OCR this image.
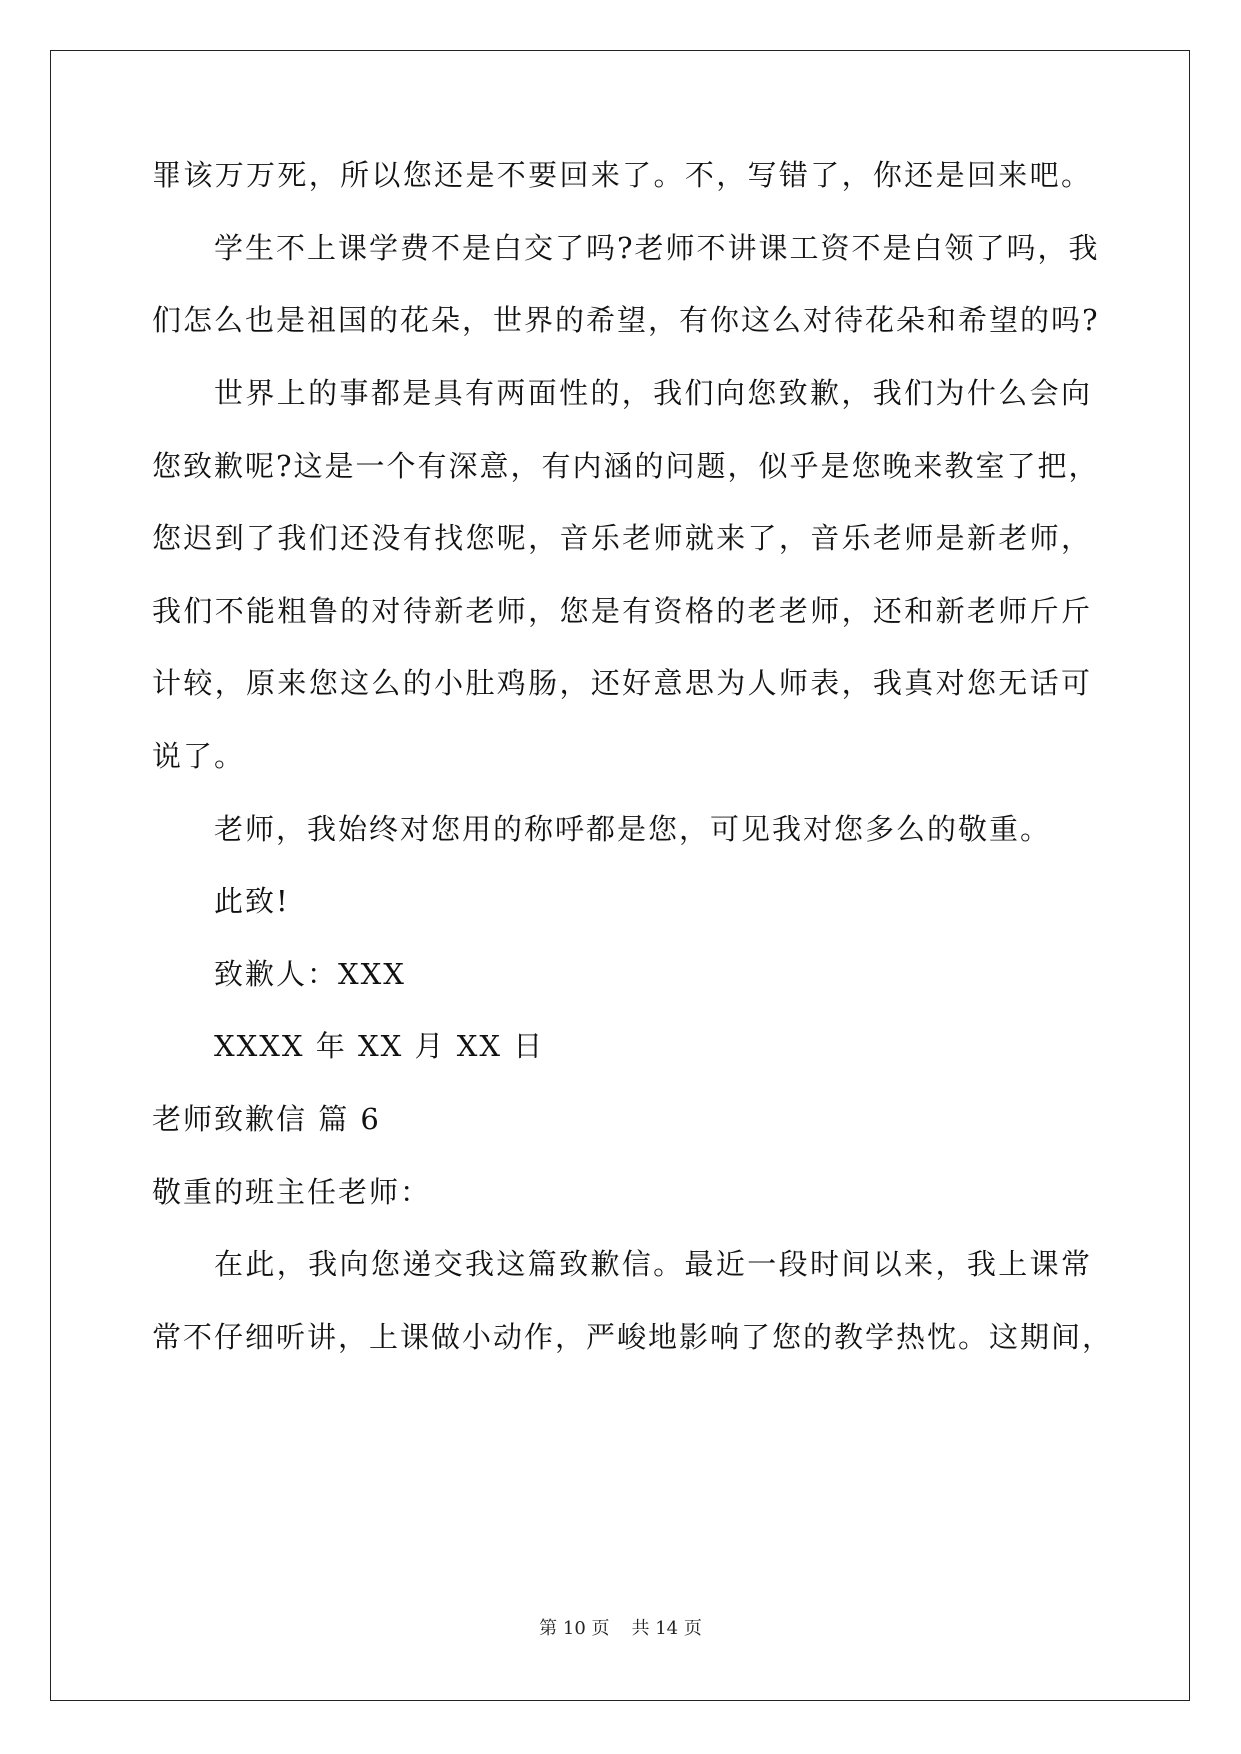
罪该万万死，所以您还是不要回来了。不，写错了，你还是回来吧。
学生不上课学费不是白交了吗?老师不讲课工资不是白领了吗，我
们怎么也是祖国的花朵，世界的希望，有你这么对待花朵和希望的吗?
世界上的事都是具有两面性的，我们向您致歉，我们为什么会向
您致歉呢?这是一个有深意，有内涵的问题，似乎是您晚来教室了把，
您迟到了我们还没有找您呢，音乐老师就来了，音乐老师是新老师，
我们不能粗鲁的对待新老师，您是有资格的老老师，还和新老师斤斤
计较，原来您这么的小肚鸡肠，还好意思为人师表，我真对您无话可
说了。
老师，我始终对您用的称呼都是您，可见我对您多么的敬重。
此致!
致歉人：XXX
XXXX 年 XX 月 XX 日
老师致歉信 篇 6
敬重的班主任老师：
在此，我向您递交我这篇致歉信。最近一段时间以来，我上课常
常不仔细听讲，上课做小动作，严峻地影响了您的教学热忱。这期间，
第 10 页 共 14 页
